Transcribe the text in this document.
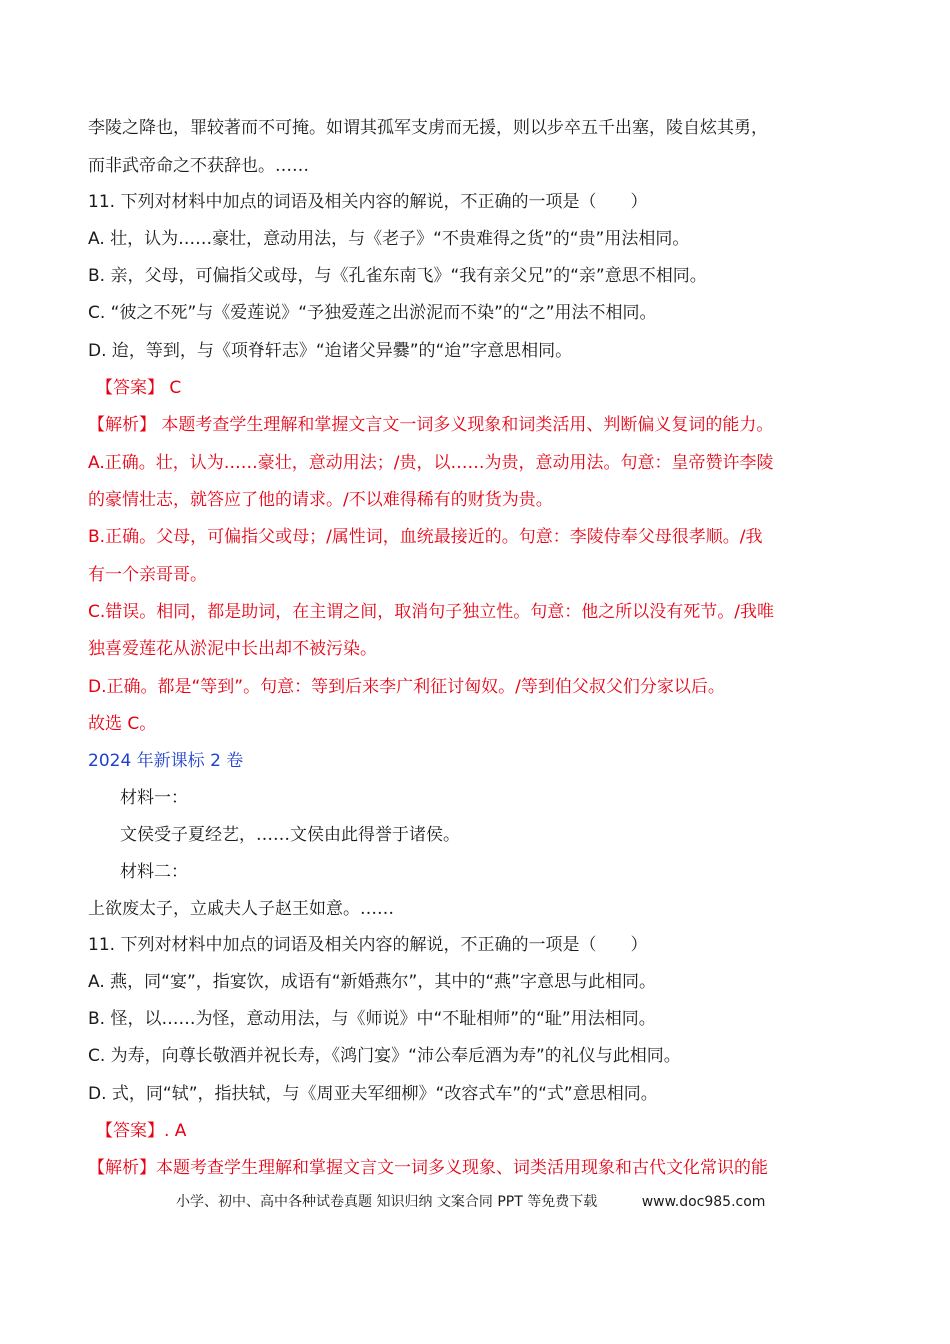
李陵之降也，罪较著而不可掩。如谓其孤军支虏而无援，则以步卒五千出塞，陵自炫其勇，
而非武帝命之不获辞也。……
11. 下列对材料中加点的词语及相关内容的解说，不正确的一项是（　　）
A. 壮，认为……豪壮，意动用法，与《老子》“不贵难得之货”的“贵”用法相同。
B. 亲，父母，可偏指父或母，与《孔雀东南飞》“我有亲父兄”的“亲”意思不相同。
C. “彼之不死”与《爱莲说》“予独爱莲之出淤泥而不染”的“之”用法不相同。
D. 迨，等到，与《项脊轩志》“迨诸父异爨”的“迨”字意思相同。
【答案】 C
【解析】 本题考查学生理解和掌握文言文一词多义现象和词类活用、判断偏义复词的能力。
A.正确。壮，认为……豪壮，意动用法；/贵，以……为贵，意动用法。句意：皇帝赞许李陵
的豪情壮志，就答应了他的请求。/不以难得稀有的财货为贵。
B.正确。父母，可偏指父或母；/属性词，血统最接近的。句意：李陵侍奉父母很孝顺。/我
有一个亲哥哥。
C.错误。相同，都是助词，在主谓之间，取消句子独立性。句意：他之所以没有死节。/我唯
独喜爱莲花从淤泥中长出却不被污染。
D.正确。都是“等到”。句意：等到后来李广利征讨匈奴。/等到伯父叔父们分家以后。
故选 C。
2024 年新课标 2 卷
材料一：
文侯受子夏经艺，……文侯由此得誉于诸侯。
材料二：
上欲废太子，立戚夫人子赵王如意。……
11. 下列对材料中加点的词语及相关内容的解说，不正确的一项是（　　）
A. 燕，同“宴”，指宴饮，成语有“新婚燕尔”，其中的“燕”字意思与此相同。
B. 怪，以……为怪，意动用法，与《师说》中“不耻相师”的“耻”用法相同。
C. 为寿，向尊长敬酒并祝长寿，《鸿门宴》“沛公奉卮酒为寿”的礼仪与此相同。
D. 式，同“轼”，指扶轼，与《周亚夫军细柳》“改容式车”的“式”意思相同。
【答案】. A
【解析】本题考查学生理解和掌握文言文一词多义现象、词类活用现象和古代文化常识的能
小学、初中、高中各种试卷真题 知识归纳 文案合同 PPT 等免费下载	www.doc985.com
